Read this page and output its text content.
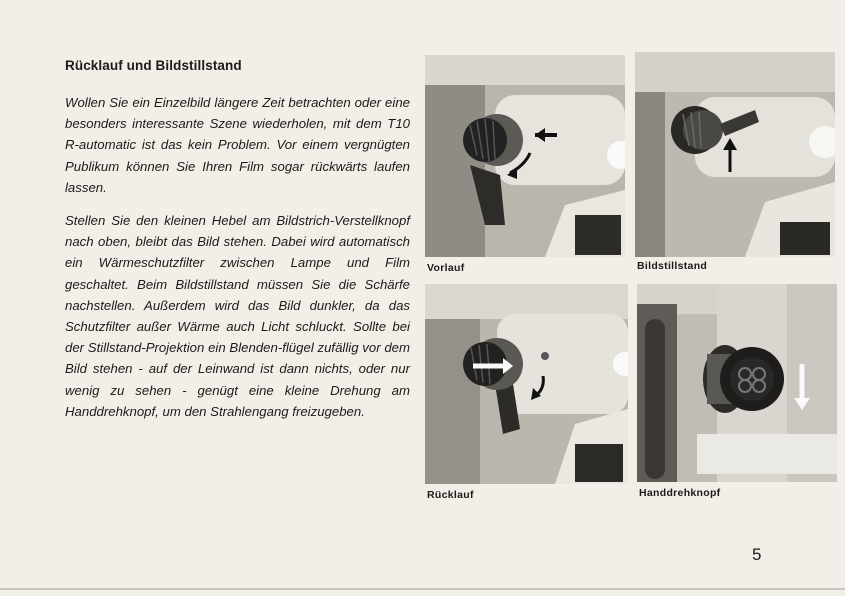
Rücklauf und Bildstillstand

Wollen Sie ein Einzelbild längere Zeit betrachten oder eine besonders interessante Szene wiederholen, mit dem T10 R-automatic ist das kein Problem. Vor einem vergnügten Publikum können Sie Ihren Film sogar rückwärts laufen lassen.

Stellen Sie den kleinen Hebel am Bildstrich-Verstellknopf nach oben, bleibt das Bild stehen. Dabei wird automatisch ein Wärmeschutzfilter zwischen Lampe und Film geschaltet. Beim Bildstillstand müssen Sie die Schärfe nachstellen. Außerdem wird das Bild dunkler, da das Schutzfilter außer Wärme auch Licht schluckt. Sollte bei der Stillstand-Projektion ein Blenden-flügel zufällig vor dem Bild stehen - auf der Leinwand ist dann nichts, oder nur wenig zu sehen - genügt eine kleine Drehung am Handdrehknopf, um den Strahlengang freizugeben.

Vorlauf	Bildstillstand
Rücklauf	Handdrehknopf
5
